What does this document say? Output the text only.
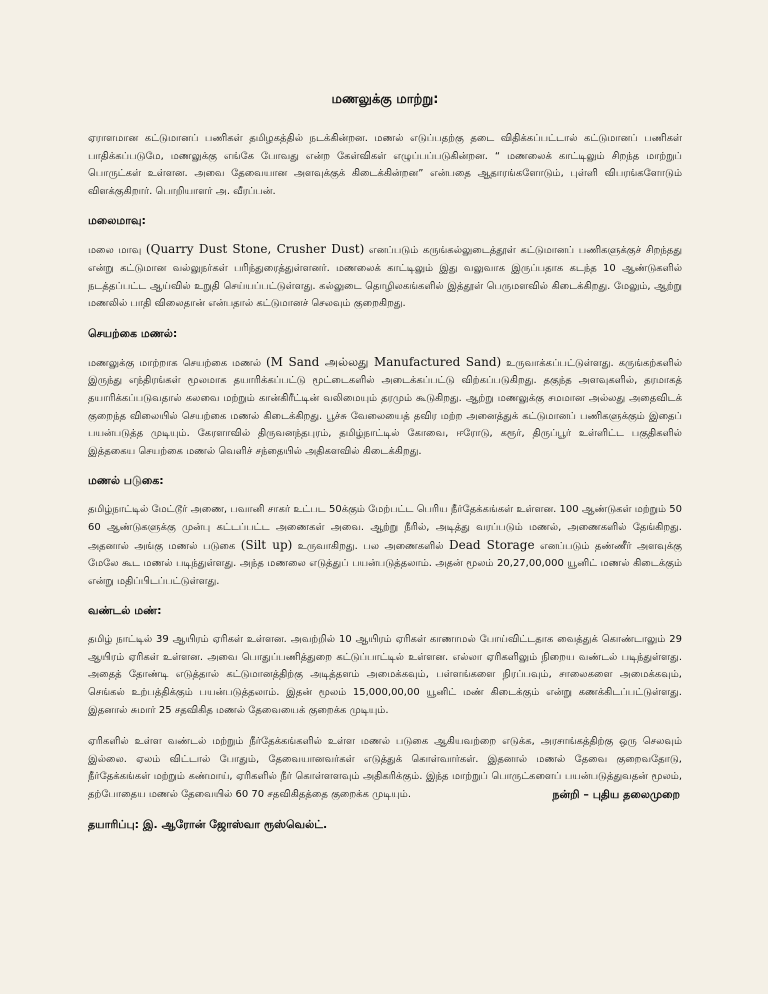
மணலுக்கு மாற்று:

ஏராளமான கட்டுமானப் பணிகள் தமிழகத்தில் நடக்கின்றன. மணல் எடுப்பதற்கு தடை விதிக்கப்பட்டால் கட்டுமானப் பணிகள் பாதிக்கப்படுமே, மணலுக்கு எங்கே போவது என்ற கேள்விகள் எழுப்பப்படுகின்றன. “ மணலைக் காட்டிலும் சிறந்த மாற்றுப் பொருட்கள் உள்ளன. அவை தேவையான அளவுக்குக் கிடைக்கின்றன” என்பதை ஆதாரங்களோடும், புள்ளி விபரங்களோடும் விளக்குகிறார். பொறியாளர் அ. வீரப்பன்.

மலைமாவு:

மலை மாவு (Quarry Dust Stone, Crusher Dust) எனப்படும் கருங்கல்லுடைத்தூள் கட்டுமானப் பணிகளுக்குச் சிறந்தது என்று கட்டுமான வல்லுநர்கள் பரிந்துரைத்துள்ளனர். மணலைக் காட்டிலும் இது வலுவாக இருப்பதாக கடந்த 10 ஆண்டுகளில் நடத்தப்பட்ட ஆய்வில் உறுதி செய்யப்பட்டுள்ளது. கல்லுடை தொழிலகங்களில் இத்தூள் பெருமளவில் கிடைக்கிறது. மேலும், ஆற்று மணலில் பாதி விலைதான் என்பதால் கட்டுமானச் செலவும் குறைகிறது.

செயற்கை மணல்:

மணலுக்கு மாற்றாக செயற்கை மணல் (M Sand அல்லது Manufactured Sand) உருவாக்கப்பட்டுள்ளது. கருங்கற்களில் இருந்து எந்திரங்கள் மூலமாக தயாரிக்கப்பட்டு மூட்டைகளில் அடைக்கப்பட்டு விற்கப்படுகிறது. தகுந்த அளவுகளில், தரமாகத் தயாரிக்கப்படுவதால் கலவை மற்றும் கான்கிரீட்டின் வலிமையும் தரமும் கூடுகிறது. ஆற்று மணலுக்கு சமமான அல்லது அதைவிடக் குறைந்த விலையில் செயற்கை மணல் கிடைக்கிறது. பூச்சு வேலையைத் தவிர மற்ற அனைத்துக் கட்டுமானப் பணிகளுக்கும் இதைப் பயன்படுத்த முடியும். கேரளாவில் திருவனந்தபுரம், தமிழ்நாட்டில் கோவை, ஈரோடு, கரூர், திருப்பூர் உள்ளிட்ட பகுதிகளில் இத்தகைய செயற்கை மணல் வெளிச் சந்தையில் அதிகளவில் கிடைக்கிறது.

மணல் படுகை:

தமிழ்நாட்டில் மேட்டூர் அணை, பவானி சாகர் உட்பட 50க்கும் மேற்பட்ட பெரிய நீர்தேக்கங்கள் உள்ளன. 100 ஆண்டுகள் மற்றும் 50 60 ஆண்டுகளுக்கு முன்பு கட்டப்பட்ட அணைகள் அவை. ஆற்று நீரில், அடித்து வரப்படும் மணல், அணைகளில் தேங்கிறது. அதனால் அங்கு மணல் படுகை (Silt up) உருவாகிறது. பல அணைகளில் Dead Storage எனப்படும் தண்ணீர் அளவுக்கு மேலே கூட மணல் படிந்துள்ளது. அந்த மணலை எடுத்துப் பயன்படுத்தலாம். அதன் மூலம் 20,27,00,000 யூனிட் மணல் கிடைக்கும் என்று மதிப்பிடப்பட்டுள்ளது.

வண்டல் மண்:

தமிழ் நாட்டில் 39 ஆயிரம் ஏரிகள் உள்ளன. அவற்றில் 10 ஆயிரம் ஏரிகள் காணாமல் போய்விட்டதாக வைத்துக் கொண்டாலும் 29 ஆயிரம் ஏரிகள் உள்ளன. அவை பொதுப்பணித்துறை கட்டுப்பாட்டில் உள்ளன. எல்லா ஏரிகளிலும் நிறைய வண்டல் படிந்துள்ளது. அதைத் தோண்டி எடுத்தால் கட்டுமானத்திற்கு அடித்தளம் அமைக்கவும், பள்ளங்களை நிரப்பவும், சாலைகளை அமைக்கவும், செங்கல் உற்பத்திக்கும் பயன்படுத்தலாம். இதன் மூலம் 15,000,00,00 யூனிட் மண் கிடைக்கும் என்று கணக்கிடப்பட்டுள்ளது. இதனால் சுமார் 25 சதவிகித மணல் தேவையைக் குறைக்க முடியும்.

ஏரிகளில் உள்ள வண்டல் மற்றும் நீர்தேக்கங்களில் உள்ள மணல் படுகை ஆகியவற்றை எடுக்க, அரசாங்கத்திற்கு ஒரு செலவும் இல்லை. ஏலம் விட்டால் போதும், தேவையானவர்கள் எடுத்துக் கொள்வார்கள். இதனால் மணல் தேவை குறைவதோடு, நீர்தேக்கங்கள் மற்றும் கண்மாய், ஏரிகளில் நீர் கொள்ளளவும் அதிகரிக்கும். இந்த மாற்றுப் பொருட்களைப் பயன்படுத்துவதன் மூலம், தற்போதைய மணல் தேவையில் 60 70 சதவிகிதத்தை குறைக்க முடியும்.	நன்றி – புதிய தலைமுறை

தயாரிப்பு: இ. ஆரோன் ஜோஸ்வா ரூஸ்வெல்ட்.
